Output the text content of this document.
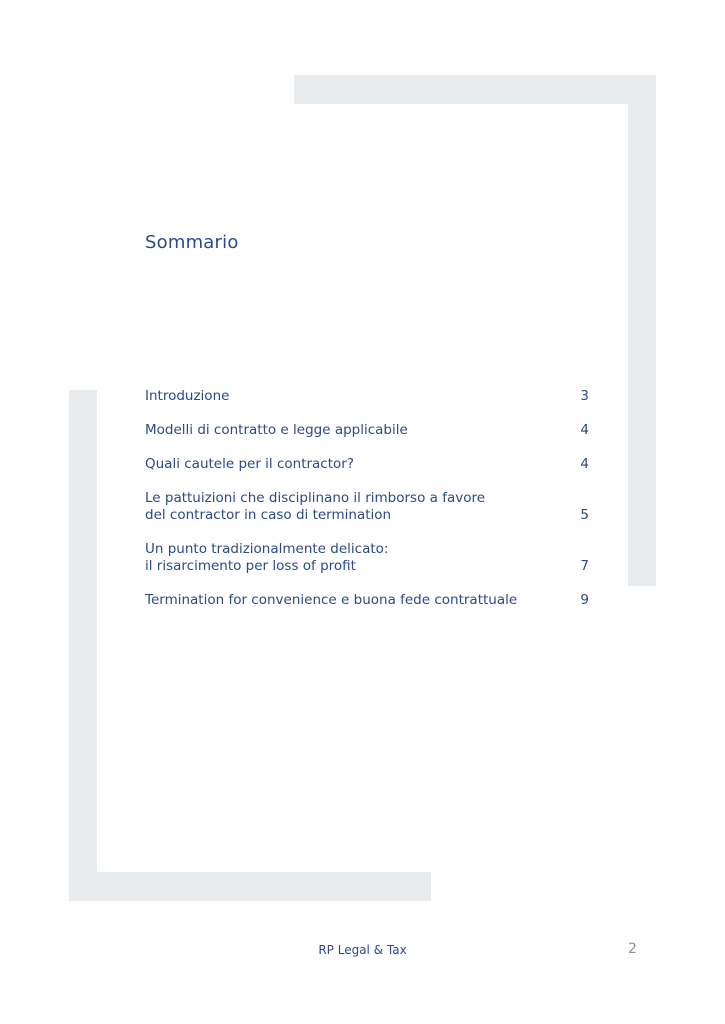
Sommario
Introduzione	3
Modelli di contratto e legge applicabile	4
Quali cautele per il contractor?	4
Le pattuizioni che disciplinano il rimborso a favore
del contractor in caso di termination	5
Un punto tradizionalmente delicato:
il risarcimento per loss of profit	7
Termination for convenience e buona fede contrattuale	9
RP Legal & Tax	2
